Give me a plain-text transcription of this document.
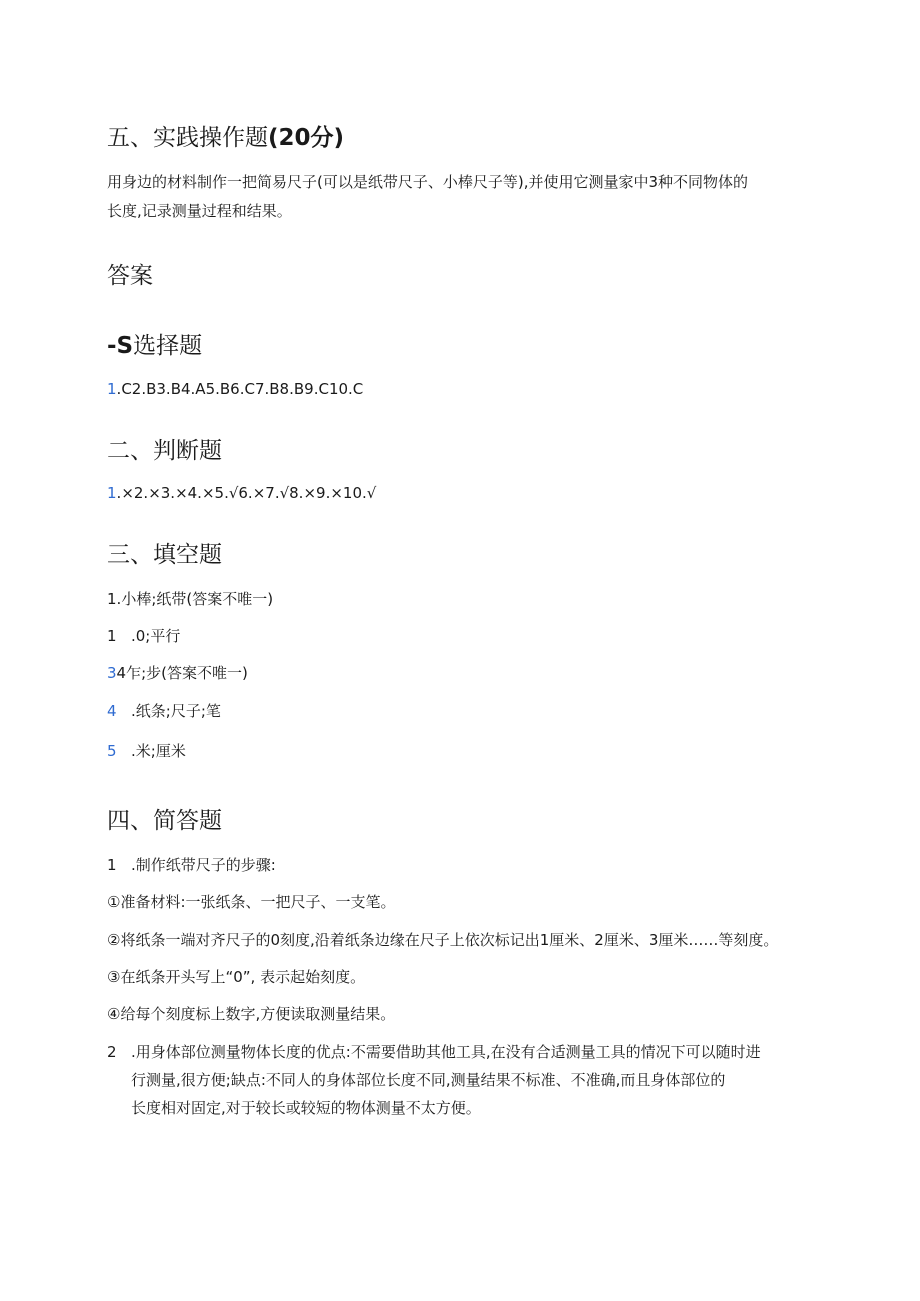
五、实践操作题(20分)
用身边的材料制作一把简易尺子(可以是纸带尺子、小棒尺子等),并使用它测量家中3种不同物体的
长度,记录测量过程和结果。
答案
-S选择题
1.C2.B3.B4.A5.B6.C7.B8.B9.C10.C
二、判断题
1.×2.×3.×4.×5.√6.×7.√8.×9.×10.√
三、填空题
1.小棒;纸带(答案不唯一)
1 .0;平行
34乍;步(答案不唯一)
4 .纸条;尺子;笔
5 .米;厘米
四、简答题
1 .制作纸带尺子的步骤:
①准备材料:一张纸条、一把尺子、一支笔。
②将纸条一端对齐尺子的0刻度,沿着纸条边缘在尺子上依次标记出1厘米、2厘米、3厘米……等刻度。
③在纸条开头写上“0”, 表示起始刻度。
④给每个刻度标上数字,方便读取测量结果。
2 .用身体部位测量物体长度的优点:不需要借助其他工具,在没有合适测量工具的情况下可以随时进
行测量,很方便;缺点:不同人的身体部位长度不同,测量结果不标准、不准确,而且身体部位的
长度相对固定,对于较长或较短的物体测量不太方便。
